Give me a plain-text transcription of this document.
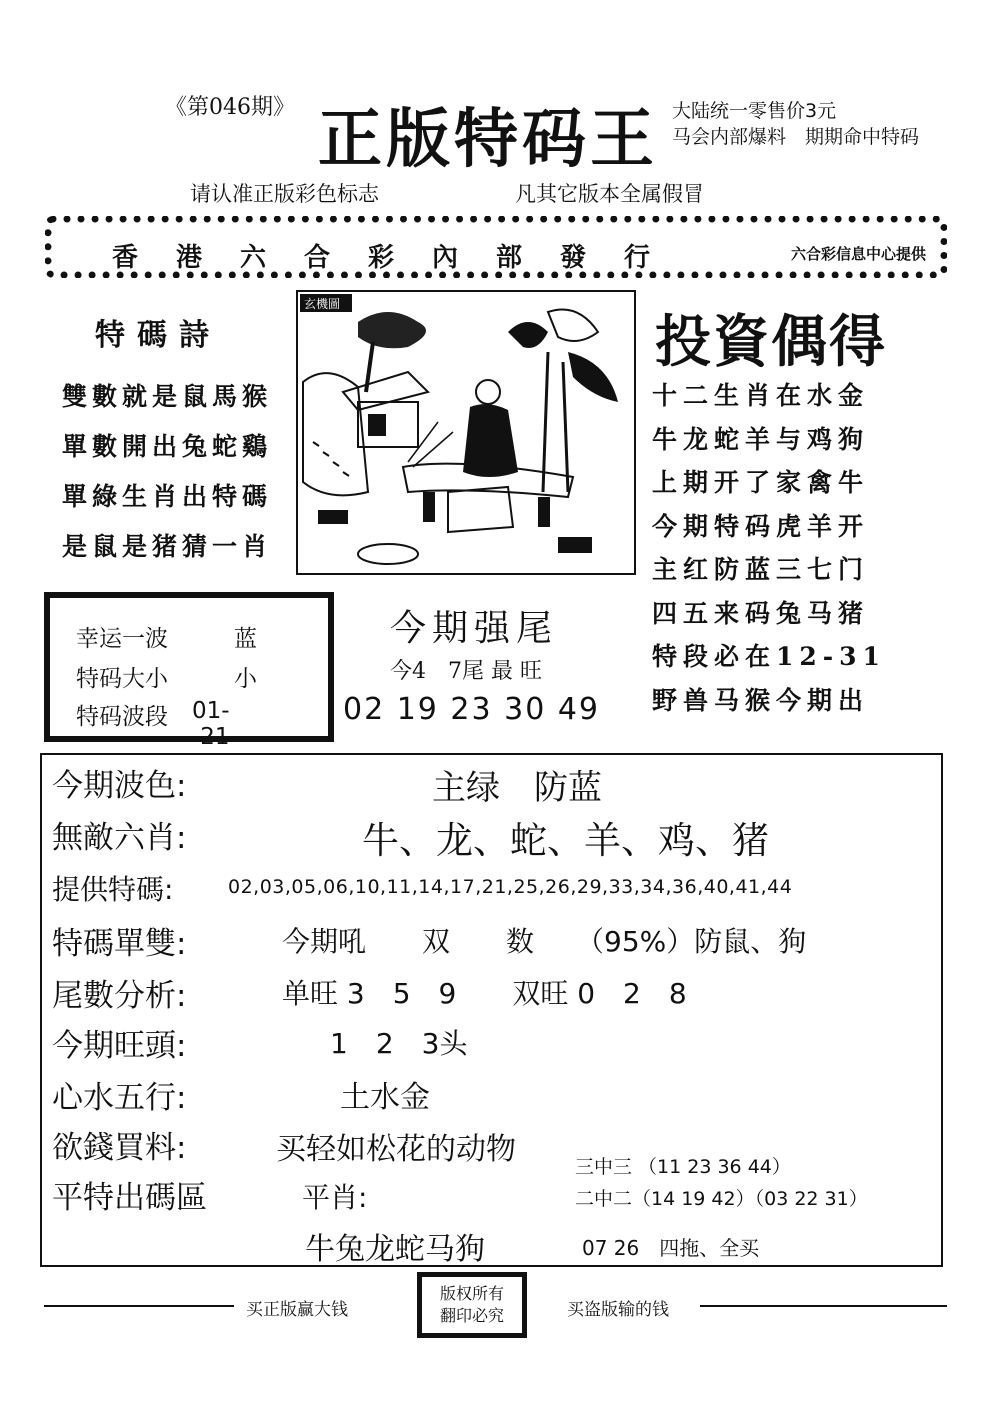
《第046期》 正版特码王 大陆统一零售价3元
马会内部爆料　期期命中特码
请认准正版彩色标志	凡其它版本全属假冒
香港六合彩內部發行	六合彩信息中心提供
特碼詩
雙數就是鼠馬猴
單數開出兔蛇鷄
單綠生肖出特碼
是鼠是猪猜一肖
玄機圖
投資偶得
十二生肖在水金
牛龙蛇羊与鸡狗
上期开了家禽牛
今期特码虎羊开
主红防蓝三七门
四五来码兔马猪
特段必在12-31
野兽马猴今期出
幸运一波	蓝
特码大小	小
特码波段 01--21
今期强尾
今4　7尾 最 旺
02 19 23 30 49
今期波色:	主绿　防蓝
無敵六肖:	牛、龙、蛇、羊、鸡、猪
提供特碼:	02,03,05,06,10,11,14,17,21,25,26,29,33,34,36,40,41,44
特碼單雙:	今期吼　　双　　数　　（95%）防鼠、狗
尾數分析:	单旺 3　5　9　　双旺 0　2　8
今期旺頭:	1　2　3头
心水五行:	土水金
欲錢買料:	买轻如松花的动物
平特出碼區	平肖:
牛兔龙蛇马狗
三中三 （11 23 36 44）
二中二（14 19 42）（03 22 31）
07 26　四拖、全买
买正版赢大钱
版权所有
翻印必究	买盗版输的钱
